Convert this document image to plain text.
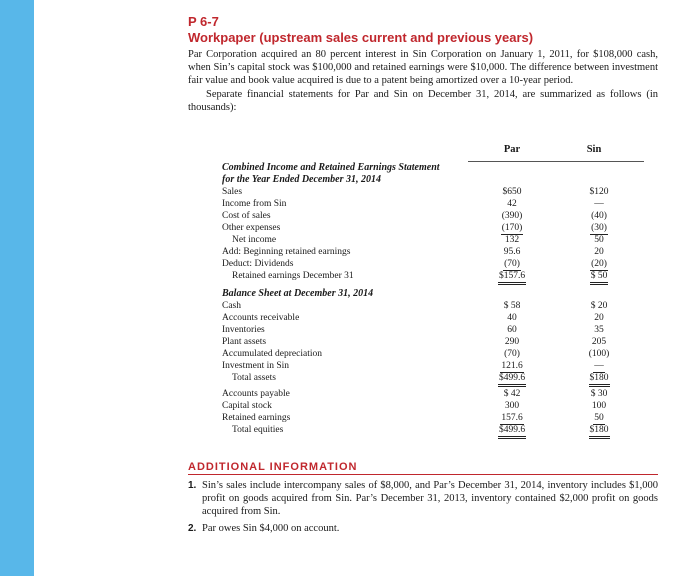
P 6-7
Workpaper (upstream sales current and previous years)

Par Corporation acquired an 80 percent interest in Sin Corporation on January 1, 2011, for $108,000 cash, when Sin’s capital stock was $100,000 and retained earnings were $10,000. The difference between investment fair value and book value acquired is due to a patent being amortized over a 10-year period.

Separate financial statements for Par and Sin on December 31, 2014, are summarized as follows (in thousands):

Par	Sin
Combined Income and Retained Earnings Statement
for the Year Ended December 31, 2014
Sales	$650	$120
Income from Sin	42	—
Cost of sales	(390)	(40)
Other expenses	(170)	(30)
Net income	132	50
Add: Beginning retained earnings	95.6	20
Deduct: Dividends	(70)	(20)
Retained earnings December 31	$157.6	$ 50
Balance Sheet at December 31, 2014
Cash	$ 58	$ 20
Accounts receivable	40	20
Inventories	60	35
Plant assets	290	205
Accumulated depreciation	(70)	(100)
Investment in Sin	121.6	—
Total assets	$499.6	$180
Accounts payable	$ 42	$ 30
Capital stock	300	100
Retained earnings	157.6	50
Total equities	$499.6	$180
ADDITIONAL INFORMATION
1. Sin’s sales include intercompany sales of $8,000, and Par’s December 31, 2014, inventory includes $1,000 profit on goods acquired from Sin. Par’s December 31, 2013, inventory contained $2,000 profit on goods acquired from Sin.
2. Par owes Sin $4,000 on account.
